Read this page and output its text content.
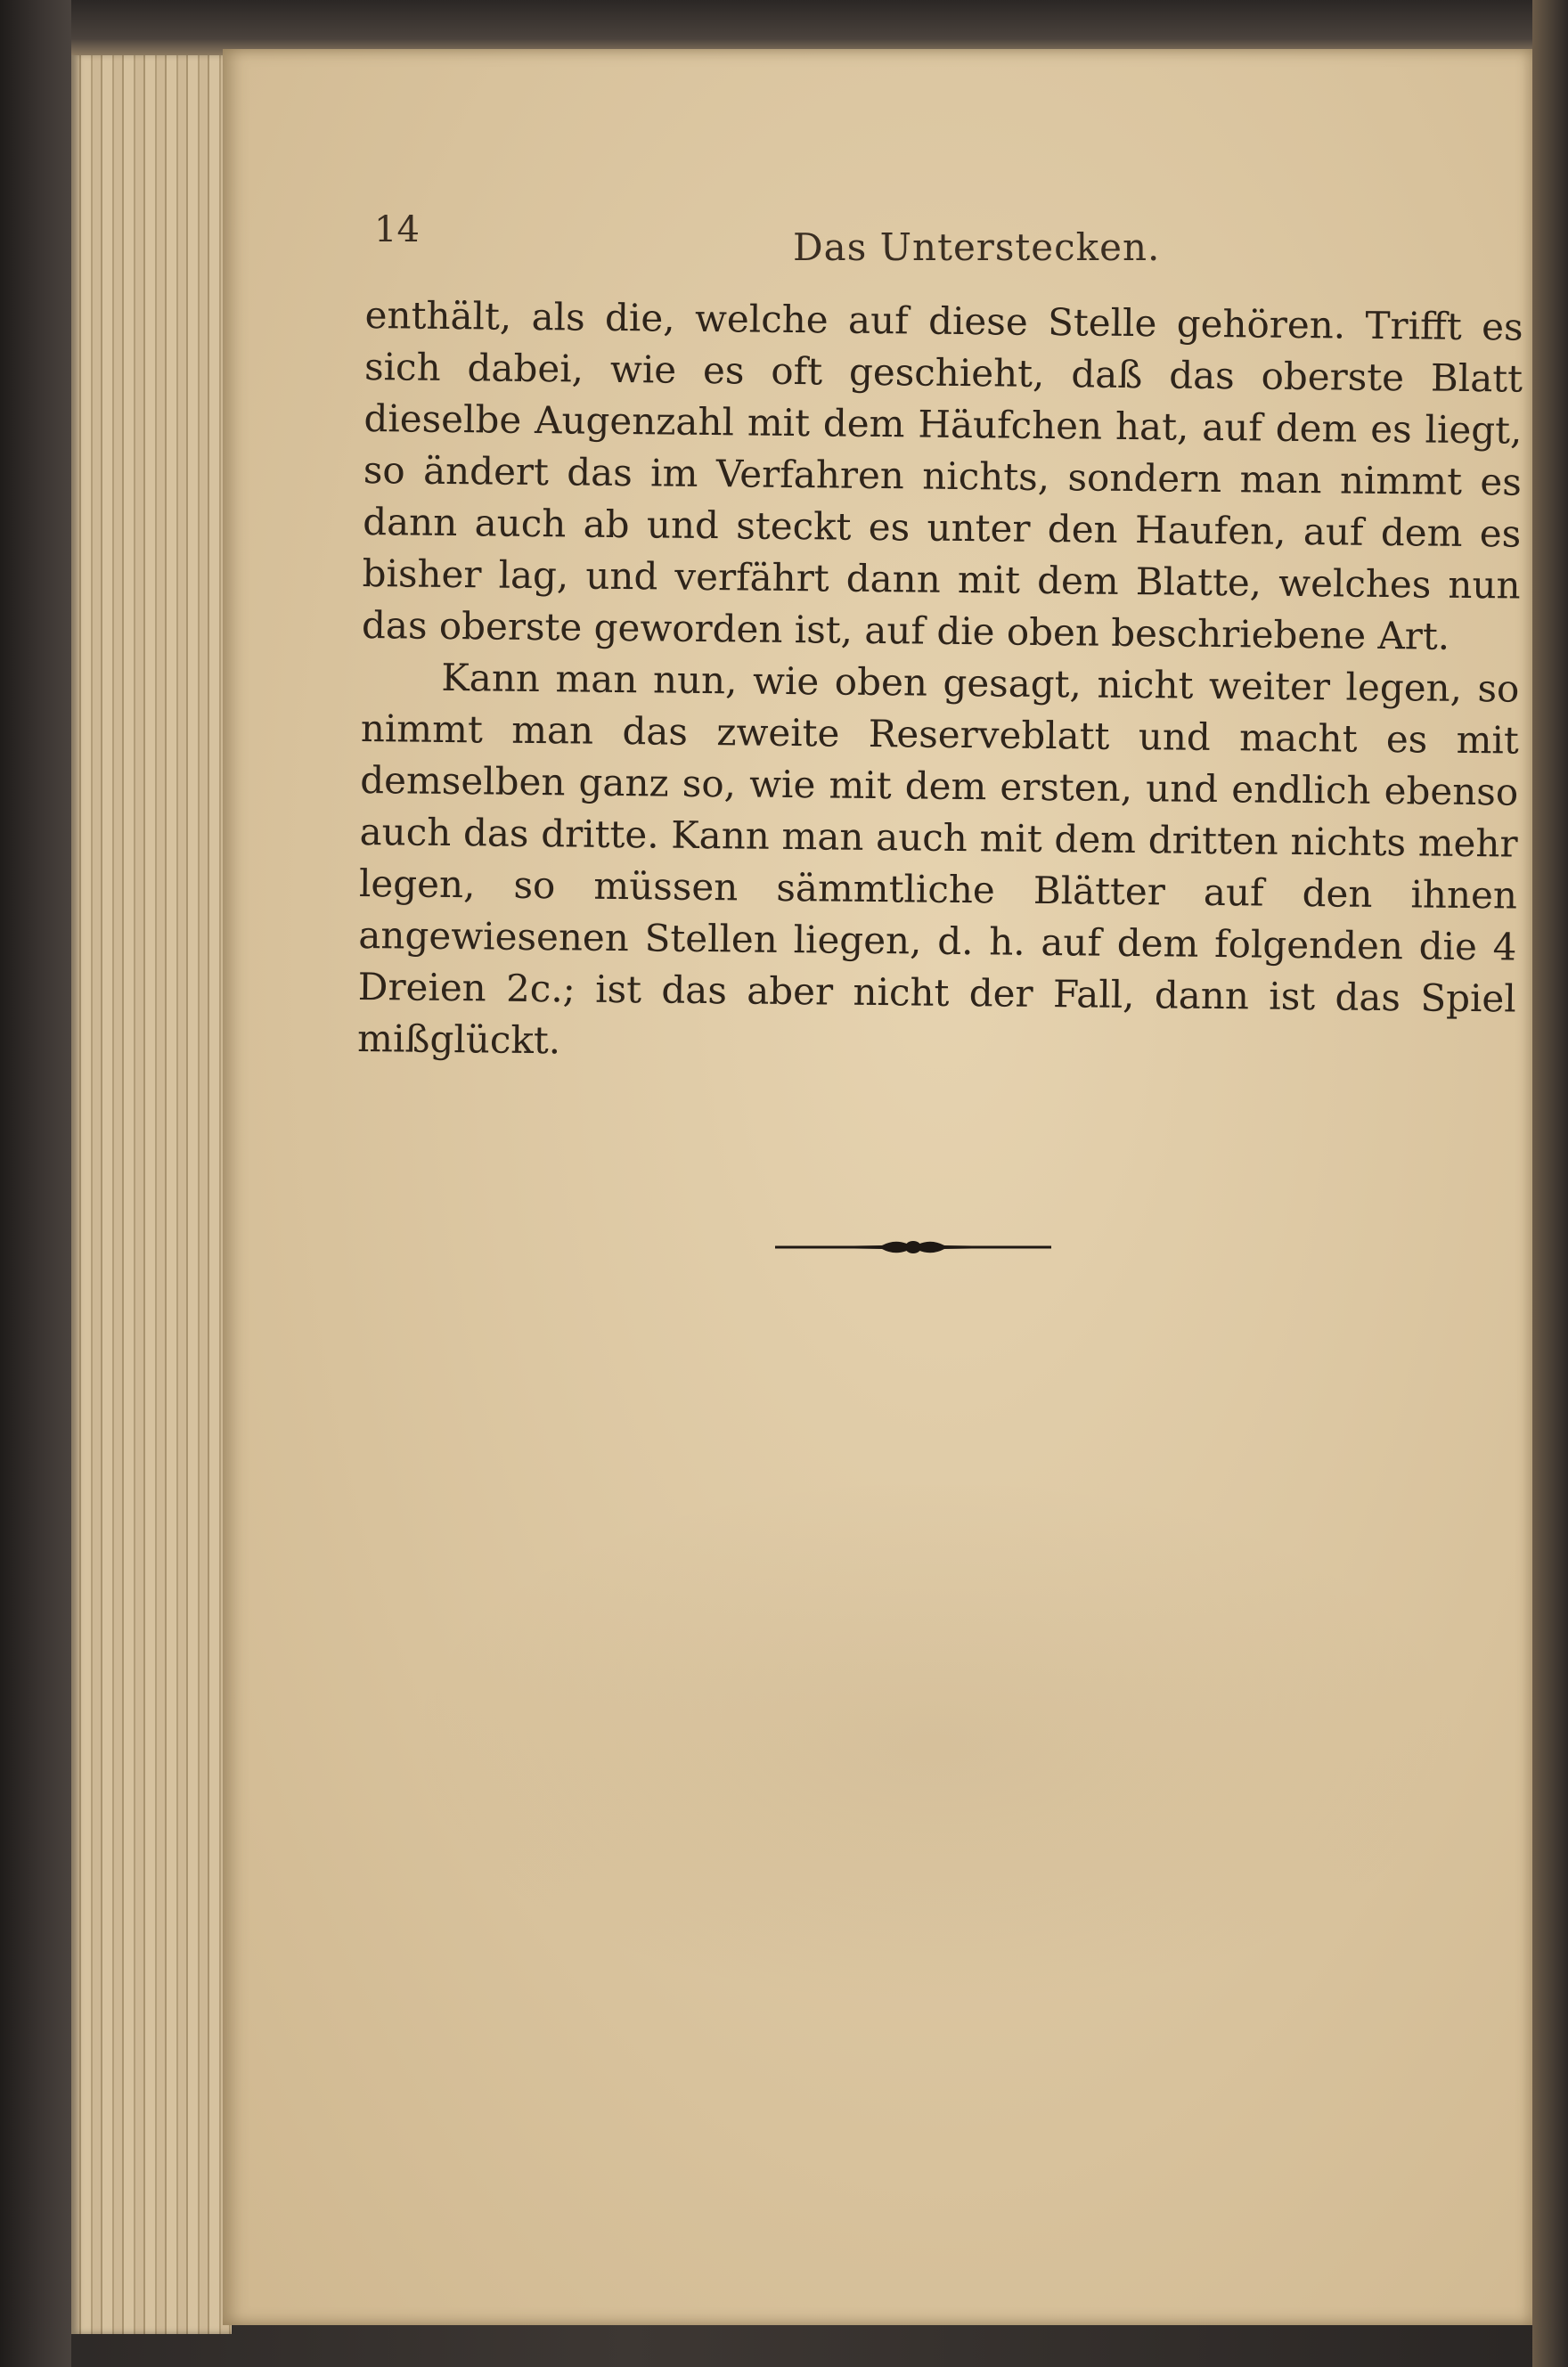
14	Das Unterstecken.

enthält, als die, welche auf diese Stelle gehören. Trifft es sich dabei, wie es oft geschieht, daß das oberste Blatt dieselbe Augenzahl mit dem Häufchen hat, auf dem es liegt, so ändert das im Verfahren nichts, sondern man nimmt es dann auch ab und steckt es unter den Haufen, auf dem es bisher lag, und verfährt dann mit dem Blatte, welches nun das oberste geworden ist, auf die oben beschriebene Art.

Kann man nun, wie oben gesagt, nicht weiter legen, so nimmt man das zweite Reserveblatt und macht es mit demselben ganz so, wie mit dem ersten, und endlich ebenso auch das dritte. Kann man auch mit dem dritten nichts mehr legen, so müssen sämmtliche Blätter auf den ihnen angewiesenen Stellen liegen, d. h. auf dem folgenden die 4 Dreien 2c.; ist das aber nicht der Fall, dann ist das Spiel mißglückt.
